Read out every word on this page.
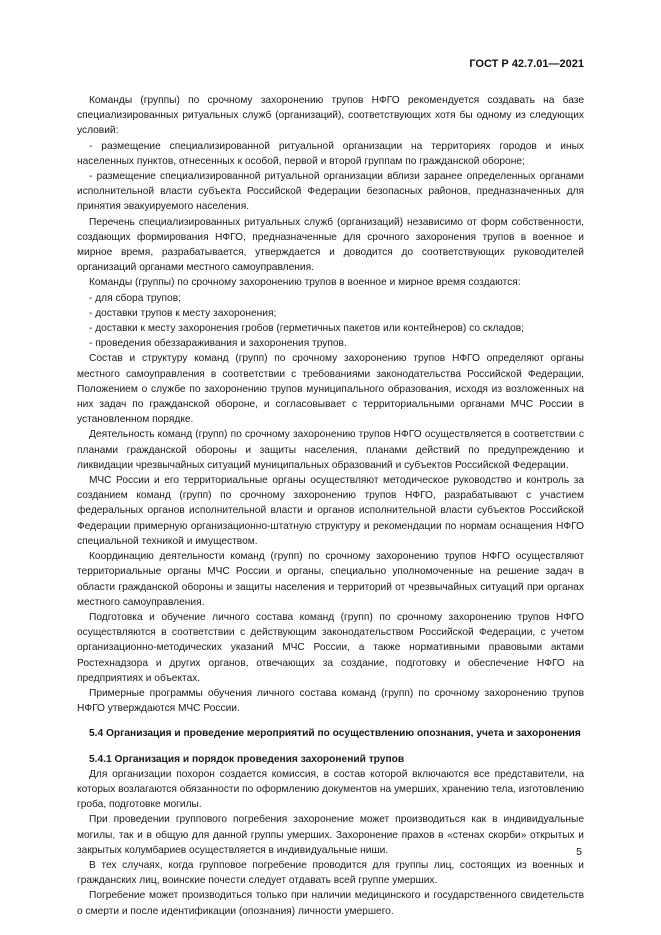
ГОСТ Р 42.7.01—2021

Команды (группы) по срочному захоронению трупов НФГО рекомендуется создавать на базе специализированных ритуальных служб (организаций), соответствующих хотя бы одному из следующих условий:

- размещение специализированной ритуальной организации на территориях городов и иных населенных пунктов, отнесенных к особой, первой и второй группам по гражданской обороне;

- размещение специализированной ритуальной организации вблизи заранее определенных органами исполнительной власти субъекта Российской Федерации безопасных районов, предназначенных для принятия эвакуируемого населения.

Перечень специализированных ритуальных служб (организаций) независимо от форм собственности, создающих формирования НФГО, предназначенные для срочного захоронения трупов в военное и мирное время, разрабатывается, утверждается и доводится до соответствующих руководителей организаций органами местного самоуправления.

Команды (группы) по срочному захоронению трупов в военное и мирное время создаются:

- для сбора трупов;

- доставки трупов к месту захоронения;

- доставки к месту захоронения гробов (герметичных пакетов или контейнеров) со складов;

- проведения обеззараживания и захоронения трупов.

Состав и структуру команд (групп) по срочному захоронению трупов НФГО определяют органы местного самоуправления в соответствии с требованиями законодательства Российской Федерации, Положением о службе по захоронению трупов муниципального образования, исходя из возложенных на них задач по гражданской обороне, и согласовывает с территориальными органами МЧС России в установленном порядке.

Деятельность команд (групп) по срочному захоронению трупов НФГО осуществляется в соответствии с планами гражданской обороны и защиты населения, планами действий по предупреждению и ликвидации чрезвычайных ситуаций муниципальных образований и субъектов Российской Федерации.

МЧС России и его территориальные органы осуществляют методическое руководство и контроль за созданием команд (групп) по срочному захоронению трупов НФГО, разрабатывают с участием федеральных органов исполнительной власти и органов исполнительной власти субъектов Российской Федерации примерную организационно-штатную структуру и рекомендации по нормам оснащения НФГО специальной техникой и имуществом.

Координацию деятельности команд (групп) по срочному захоронению трупов НФГО осуществляют территориальные органы МЧС России и органы, специально уполномоченные на решение задач в области гражданской обороны и защиты населения и территорий от чрезвычайных ситуаций при органах местного самоуправления.

Подготовка и обучение личного состава команд (групп) по срочному захоронению трупов НФГО осуществляются в соответствии с действующим законодательством Российской Федерации, с учетом организационно-методических указаний МЧС России, а также нормативными правовыми актами Ростехнадзора и других органов, отвечающих за создание, подготовку и обеспечение НФГО на предприятиях и объектах.

Примерные программы обучения личного состава команд (групп) по срочному захоронению трупов НФГО утверждаются МЧС России.

5.4 Организация и проведение мероприятий по осуществлению опознания, учета и захоронения
5.4.1 Организация и порядок проведения захоронений трупов

Для организации похорон создается комиссия, в состав которой включаются все представители, на которых возлагаются обязанности по оформлению документов на умерших, хранению тела, изготовлению гроба, подготовке могилы.

При проведении группового погребения захоронение может производиться как в индивидуальные могилы, так и в общую для данной группы умерших. Захоронение прахов в «стенах скорби» открытых и закрытых колумбариев осуществляется в индивидуальные ниши.

В тех случаях, когда групповое погребение проводится для группы лиц, состоящих из военных и гражданских лиц, воинские почести следует отдавать всей группе умерших.

Погребение может производиться только при наличии медицинского и государственного свидетельств о смерти и после идентификации (опознания) личности умершего.

5
